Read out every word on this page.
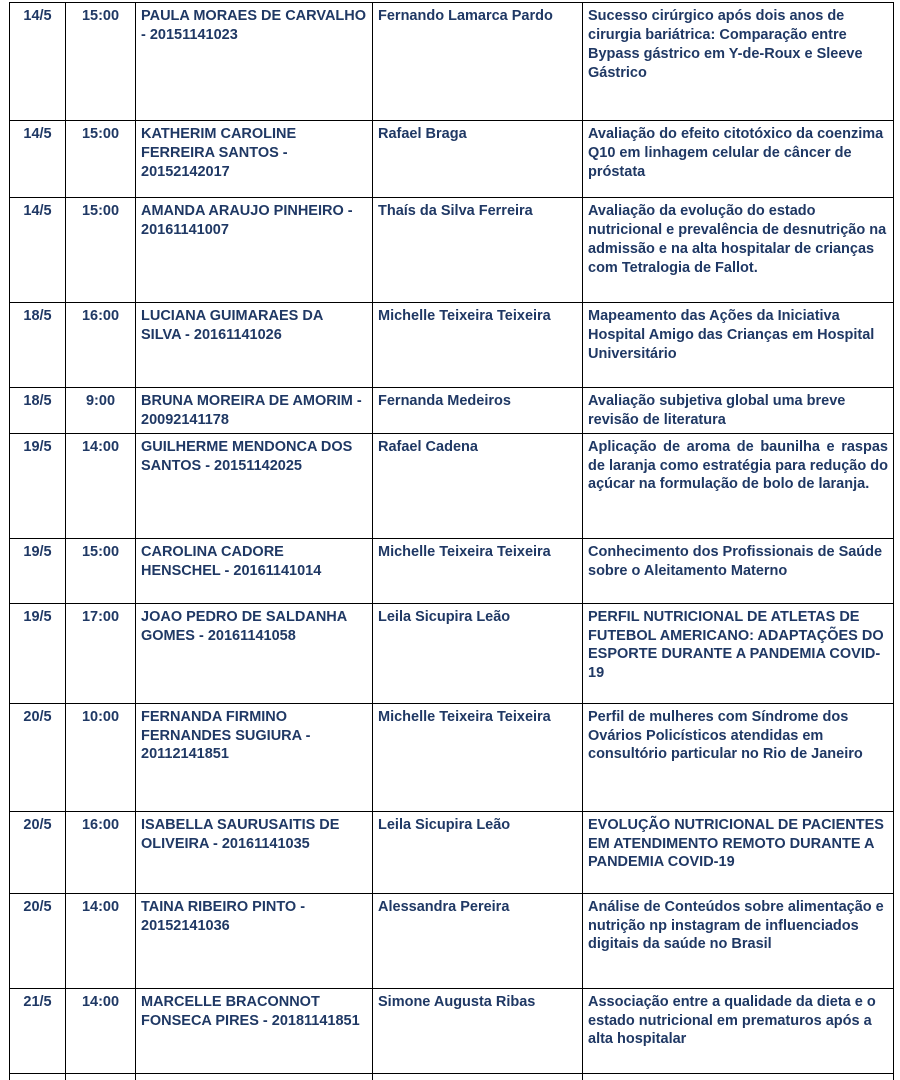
14/5	15:00	PAULA MORAES DE CARVALHO - 20151141023	Fernando Lamarca Pardo	Sucesso cirúrgico após dois anos de cirurgia bariátrica: Comparação entre Bypass gástrico em Y-de-Roux e Sleeve Gástrico
14/5	15:00	KATHERIM CAROLINE FERREIRA SANTOS - 20152142017	Rafael Braga	Avaliação do efeito citotóxico da coenzima Q10 em linhagem celular de câncer de próstata
14/5	15:00	AMANDA ARAUJO PINHEIRO - 20161141007	Thaís da Silva Ferreira	Avaliação da evolução do estado nutricional e prevalência de desnutrição na admissão e na alta hospitalar de crianças com Tetralogia de Fallot.
18/5	16:00	LUCIANA GUIMARAES DA SILVA - 20161141026	Michelle Teixeira Teixeira	Mapeamento das Ações da Iniciativa Hospital Amigo das Crianças em Hospital Universitário
18/5	9:00	BRUNA MOREIRA DE AMORIM - 20092141178	Fernanda Medeiros	Avaliação subjetiva global uma breve revisão de literatura
19/5	14:00	GUILHERME MENDONCA DOS SANTOS - 20151142025	Rafael Cadena	Aplicação de aroma de baunilha e raspas de laranja como estratégia para redução do açúcar na formulação de bolo de laranja.
19/5	15:00	CAROLINA CADORE HENSCHEL - 20161141014	Michelle Teixeira Teixeira	Conhecimento dos Profissionais de Saúde sobre o Aleitamento Materno
19/5	17:00	JOAO PEDRO DE SALDANHA GOMES - 20161141058	Leila Sicupira Leão	PERFIL NUTRICIONAL DE ATLETAS DE FUTEBOL AMERICANO: ADAPTAÇÕES DO ESPORTE DURANTE A PANDEMIA COVID-19
20/5	10:00	FERNANDA FIRMINO FERNANDES SUGIURA - 20112141851	Michelle Teixeira Teixeira	Perfil de mulheres com Síndrome dos Ovários Policísticos atendidas em consultório particular no Rio de Janeiro
20/5	16:00	ISABELLA SAURUSAITIS DE OLIVEIRA - 20161141035	Leila Sicupira Leão	EVOLUÇÃO NUTRICIONAL DE PACIENTES EM ATENDIMENTO REMOTO DURANTE A PANDEMIA COVID-19
20/5	14:00	TAINA RIBEIRO PINTO - 20152141036	Alessandra Pereira	Análise de Conteúdos sobre alimentação e nutrição np instagram de influenciados digitais da saúde no Brasil
21/5	14:00	MARCELLE BRACONNOT FONSECA PIRES - 20181141851	Simone Augusta Ribas	Associação entre a qualidade da dieta e o estado nutricional em prematuros após a alta hospitalar
